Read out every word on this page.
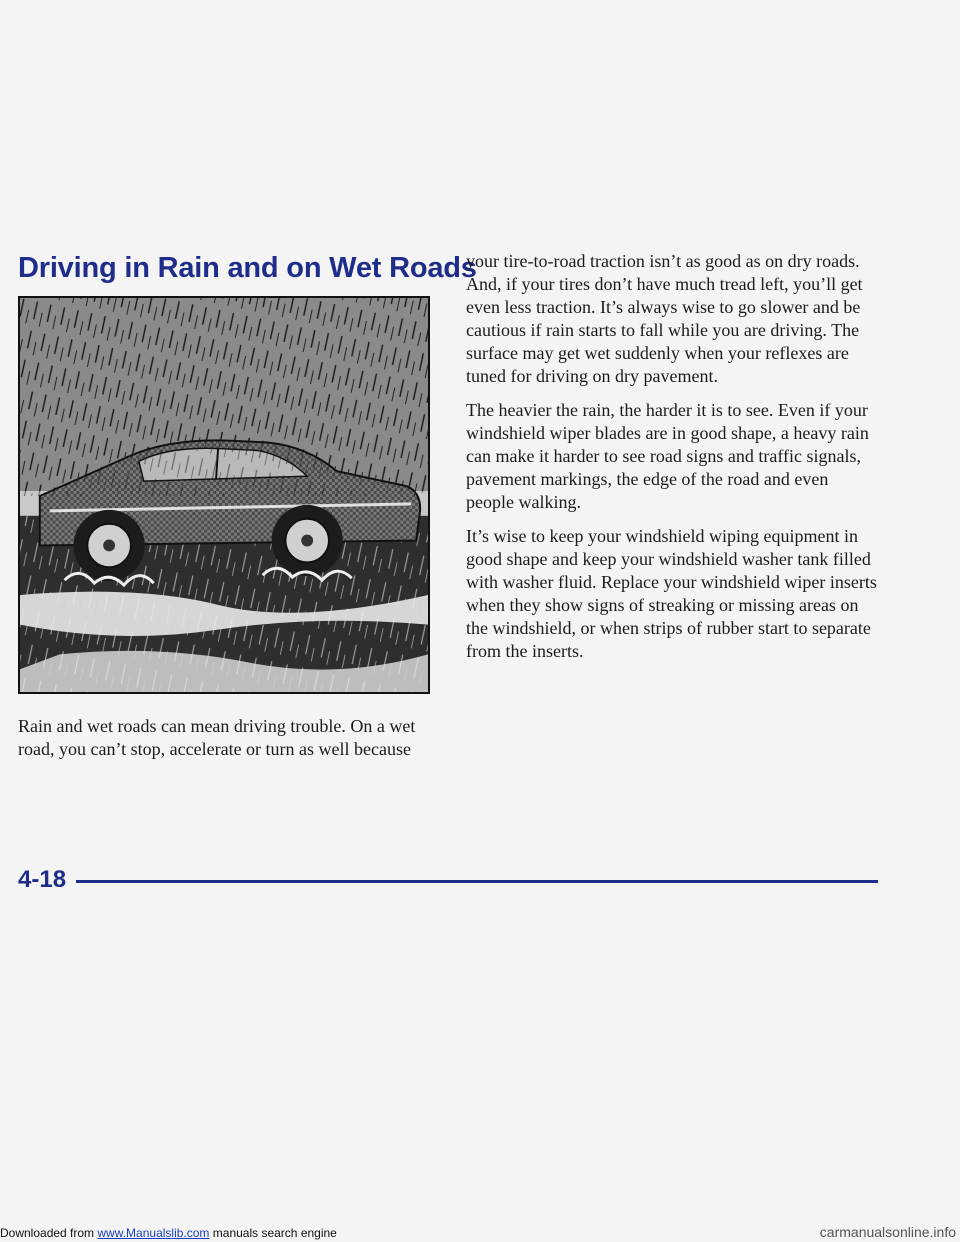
Driving in Rain and on Wet Roads

Rain and wet roads can mean driving trouble. On a wet road, you can’t stop, accelerate or turn as well because

your tire-to-road traction isn’t as good as on dry roads. And, if your tires don’t have much tread left, you’ll get even less traction. It’s always wise to go slower and be cautious if rain starts to fall while you are driving. The surface may get wet suddenly when your reflexes are tuned for driving on dry pavement.

The heavier the rain, the harder it is to see. Even if your windshield wiper blades are in good shape, a heavy rain can make it harder to see road signs and traffic signals, pavement markings, the edge of the road and even people walking.

It’s wise to keep your windshield wiping equipment in good shape and keep your windshield washer tank filled with washer fluid. Replace your windshield wiper inserts when they show signs of streaking or missing areas on the windshield, or when strips of rubber start to separate from the inserts.

4-18
Downloaded from www.Manualslib.com manuals search engine	carmanualsonline.info
